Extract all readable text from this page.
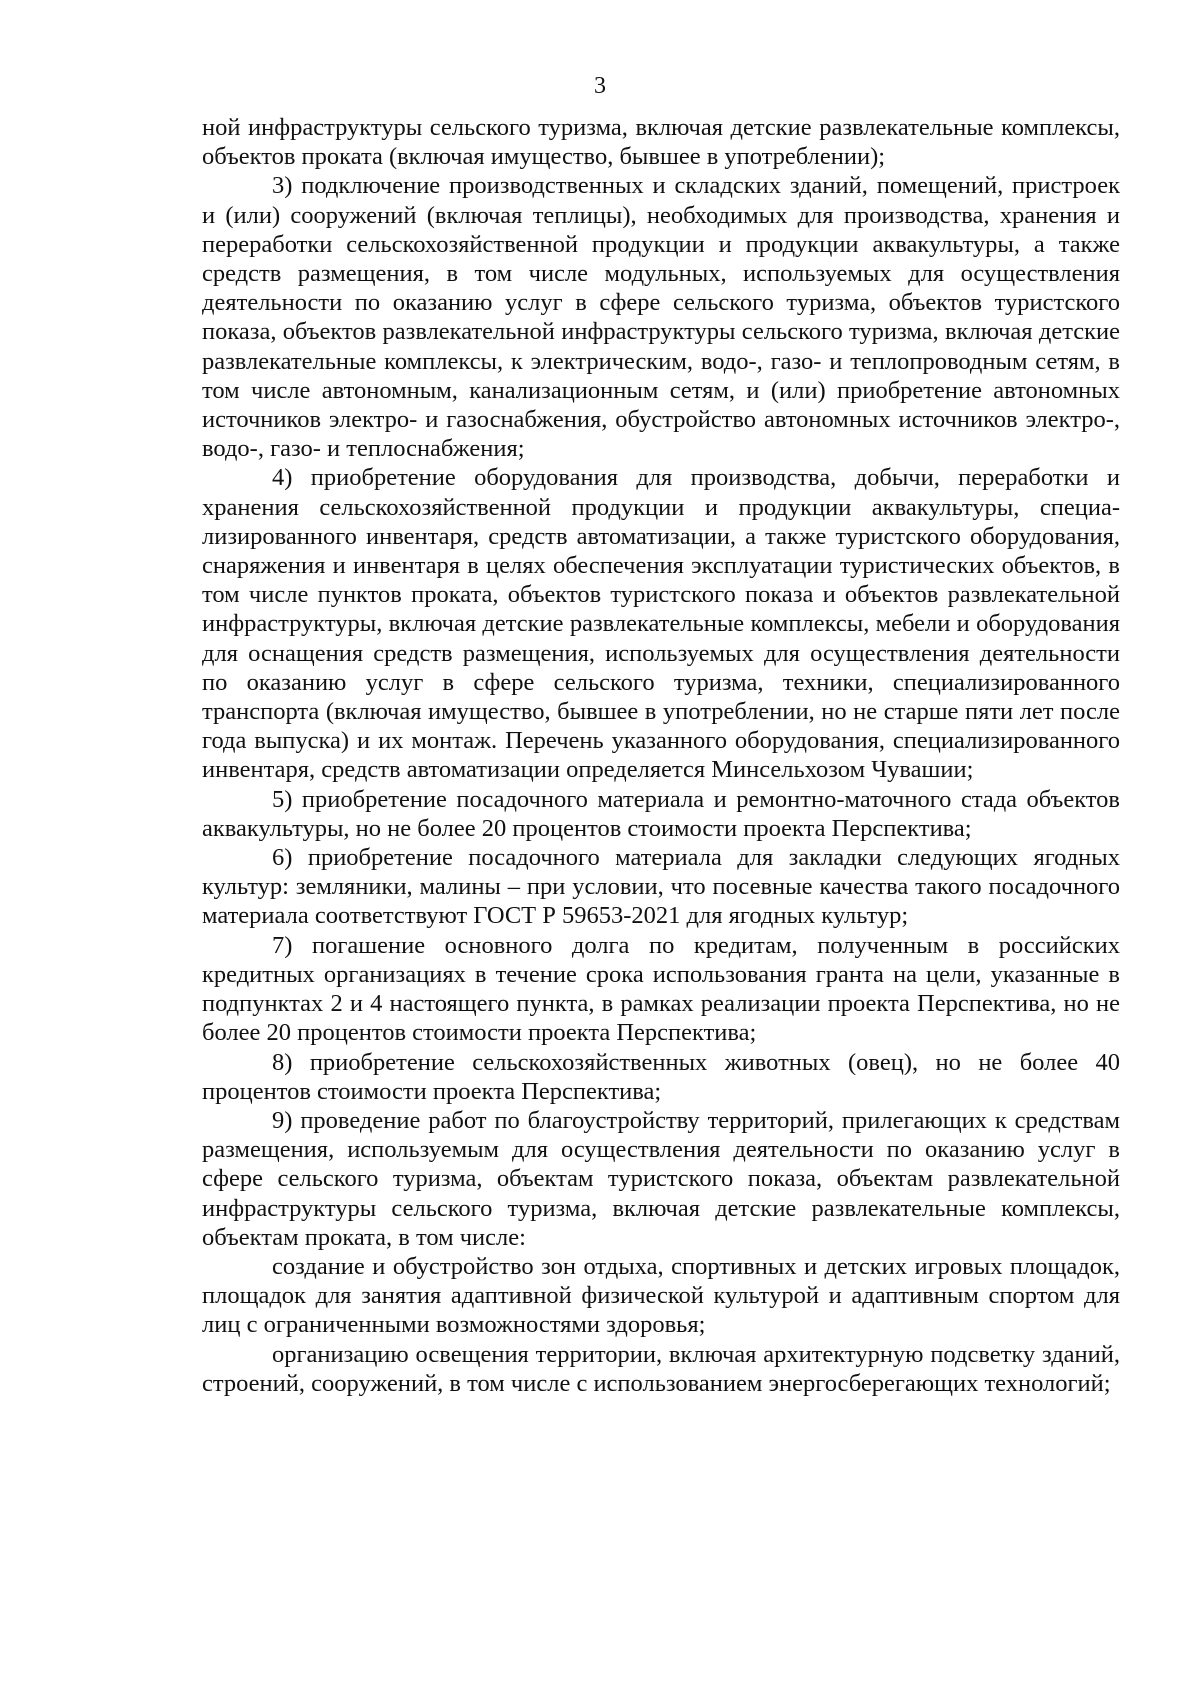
3

ной инфраструктуры сельского туризма, включая детские развлекательные комплексы, объектов проката (включая имущество, бывшее в употреблении);

3) подключение производственных и складских зданий, помещений, пристроек и (или) сооружений (включая теплицы), необходимых для производства, хранения и переработки сельскохозяйственной продукции и продукции аквакультуры, а также средств размещения, в том числе модульных, используемых для осуществления деятельности по оказанию услуг в сфере сельского туризма, объектов туристского показа, объектов развлекательной инфраструктуры сельского туризма, включая детские развлекательные комплексы, к электрическим, водо-, газо- и теплопроводным сетям, в том числе автономным, канализационным сетям, и (или) приобретение автономных источников электро- и газоснабжения, обустройство автономных источников электро-, водо-, газо- и теплоснабжения;

4) приобретение оборудования для производства, добычи, переработки и хранения сельскохозяйственной продукции и продукции аквакультуры, специализированного инвентаря, средств автоматизации, а также туристского оборудования, снаряжения и инвентаря в целях обеспечения эксплуатации туристических объектов, в том числе пунктов проката, объектов туристского показа и объектов развлекательной инфраструктуры, включая детские развлекательные комплексы, мебели и оборудования для оснащения средств размещения, используемых для осуществления деятельности по оказанию услуг в сфере сельского туризма, техники, специализированного транспорта (включая имущество, бывшее в употреблении, но не старше пяти лет после года выпуска) и их монтаж. Перечень указанного оборудования, специализированного инвентаря, средств автоматизации определяется Минсельхозом Чувашии;

5) приобретение посадочного материала и ремонтно-маточного стада объектов аквакультуры, но не более 20 процентов стоимости проекта Перспектива;

6) приобретение посадочного материала для закладки следующих ягодных культур: земляники, малины – при условии, что посевные качества такого посадочного материала соответствуют ГОСТ Р 59653-2021 для ягодных культур;

7) погашение основного долга по кредитам, полученным в российских кредитных организациях в течение срока использования гранта на цели, указанные в подпунктах 2 и 4 настоящего пункта, в рамках реализации проекта Перспектива, но не более 20 процентов стоимости проекта Перспектива;

8) приобретение сельскохозяйственных животных (овец), но не более 40 процентов стоимости проекта Перспектива;

9) проведение работ по благоустройству территорий, прилегающих к средствам размещения, используемым для осуществления деятельности по оказанию услуг в сфере сельского туризма, объектам туристского показа, объектам развлекательной инфраструктуры сельского туризма, включая детские развлекательные комплексы, объектам проката, в том числе:

создание и обустройство зон отдыха, спортивных и детских игровых площадок, площадок для занятия адаптивной физической культурой и адаптивным спортом для лиц с ограниченными возможностями здоровья;

организацию освещения территории, включая архитектурную подсветку зданий, строений, сооружений, в том числе с использованием энергосберегающих технологий;
